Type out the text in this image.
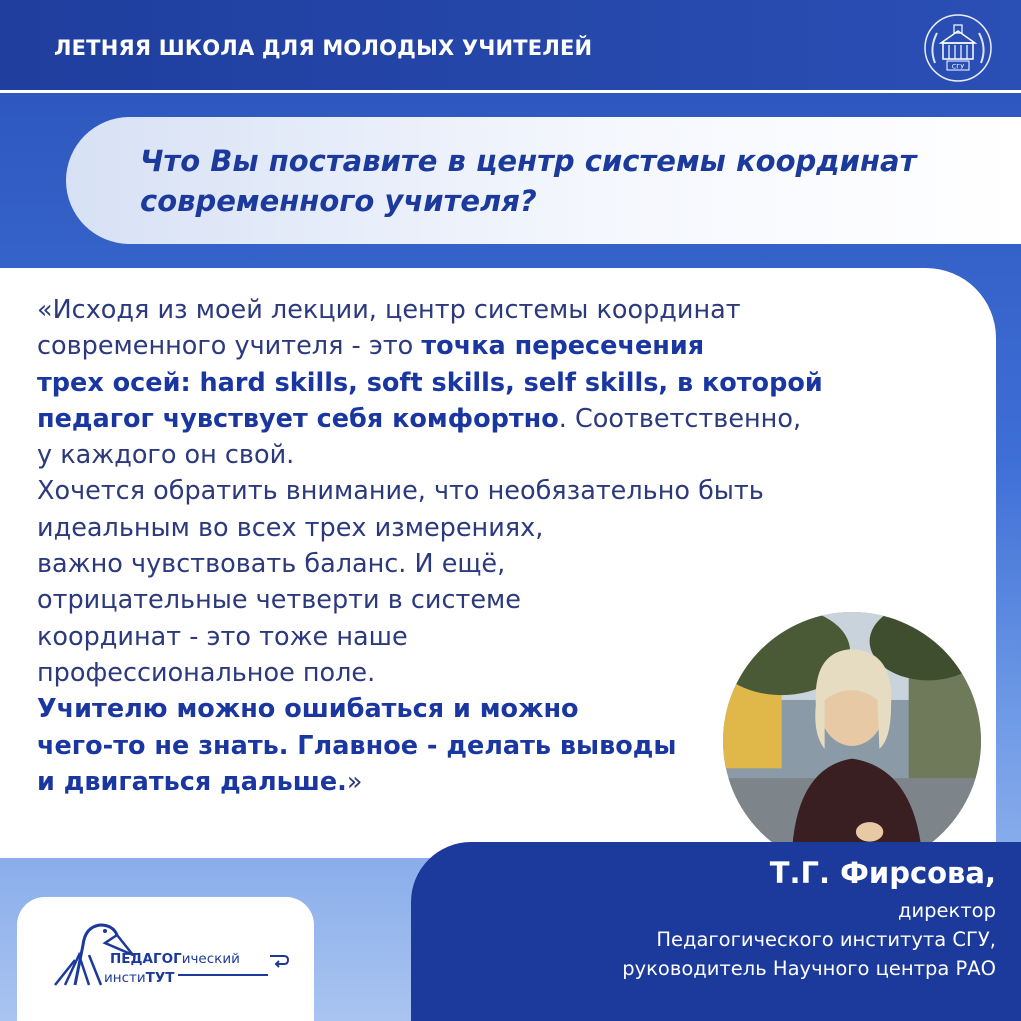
ЛЕТНЯЯ ШКОЛА ДЛЯ МОЛОДЫХ УЧИТЕЛЕЙ
СГУ
Что Вы поставите в центр системы координат
современного учителя?
«Исходя из моей лекции, центр системы координат
современного учителя - это точка пересечения
трех осей: hard skills, soft skills, self skills, в которой
педагог чувствует себя комфортно. Соответственно,
у каждого он свой.
Хочется обратить внимание, что необязательно быть
идеальным во всех трех измерениях,
важно чувствовать баланс. И ещё,
отрицательные четверти в системе
координат - это тоже наше
профессиональное поле.
Учителю можно ошибаться и можно
чего-то не знать. Главное - делать выводы
и двигаться дальше.»
Т.Г. Фирсова,
директор
Педагогического института СГУ,
руководитель Научного центра РАО
ПЕДАГОГический
инстиТУТ
